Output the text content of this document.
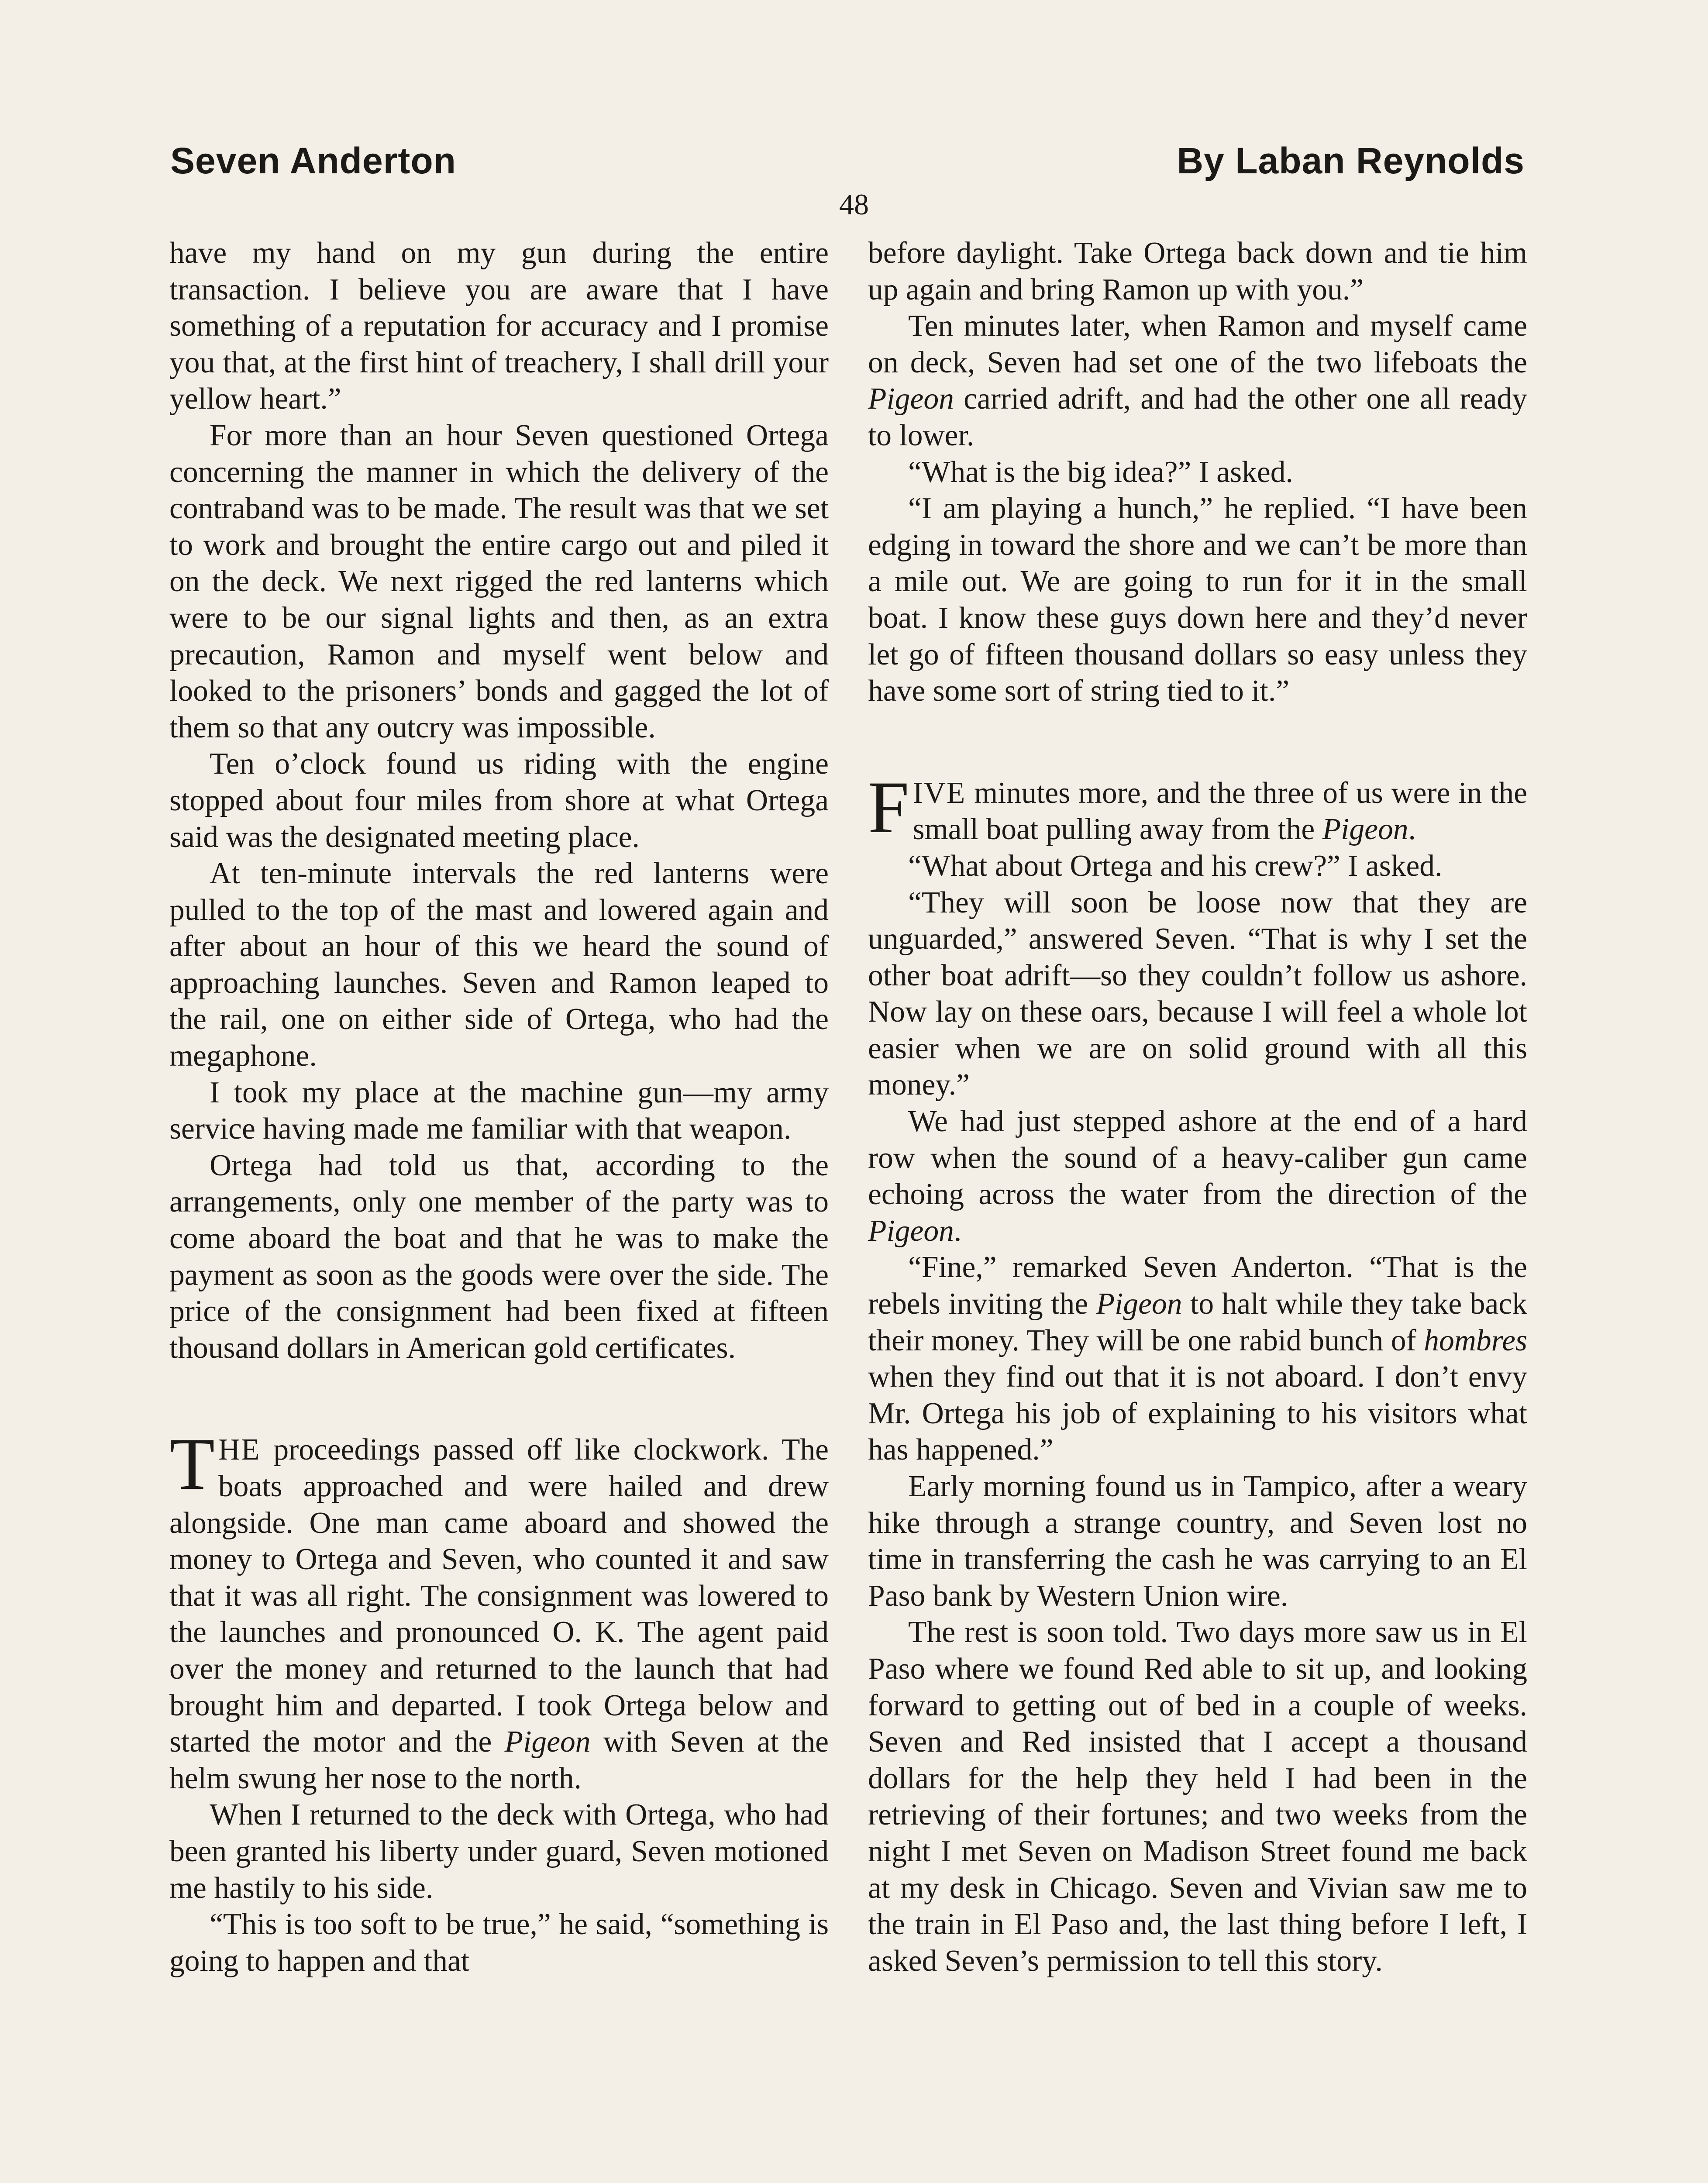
Seven Anderton	By Laban Reynolds
48

have my hand on my gun during the entire transaction. I believe you are aware that I have something of a reputation for accuracy and I promise you that, at the first hint of treachery, I shall drill your yellow heart.”

For more than an hour Seven questioned Ortega concerning the manner in which the delivery of the contraband was to be made. The result was that we set to work and brought the entire cargo out and piled it on the deck. We next rigged the red lanterns which were to be our signal lights and then, as an extra precaution, Ramon and myself went below and looked to the prisoners’ bonds and gagged the lot of them so that any outcry was impossible.

Ten o’clock found us riding with the engine stopped about four miles from shore at what Ortega said was the designated meeting place.

At ten-minute intervals the red lanterns were pulled to the top of the mast and lowered again and after about an hour of this we heard the sound of approaching launches. Seven and Ramon leaped to the rail, one on either side of Ortega, who had the megaphone.

I took my place at the machine gun—my army service having made me familiar with that weapon.

Ortega had told us that, according to the arrangements, only one member of the party was to come aboard the boat and that he was to make the payment as soon as the goods were over the side. The price of the consignment had been fixed at fifteen thousand dollars in American gold certificates.

THE proceedings passed off like clockwork. The boats approached and were hailed and drew alongside. One man came aboard and showed the money to Ortega and Seven, who counted it and saw that it was all right. The consignment was lowered to the launches and pronounced O. K. The agent paid over the money and returned to the launch that had brought him and departed. I took Ortega below and started the motor and the Pigeon with Seven at the helm swung her nose to the north.

When I returned to the deck with Ortega, who had been granted his liberty under guard, Seven motioned me hastily to his side.

“This is too soft to be true,” he said, “something is going to happen and that

before daylight. Take Ortega back down and tie him up again and bring Ramon up with you.”

Ten minutes later, when Ramon and myself came on deck, Seven had set one of the two lifeboats the Pigeon carried adrift, and had the other one all ready to lower.

“What is the big idea?” I asked.

“I am playing a hunch,” he replied. “I have been edging in toward the shore and we can’t be more than a mile out. We are going to run for it in the small boat. I know these guys down here and they’d never let go of fifteen thousand dollars so easy unless they have some sort of string tied to it.”

FIVE minutes more, and the three of us were in the small boat pulling away from the Pigeon.

“What about Ortega and his crew?” I asked.

“They will soon be loose now that they are unguarded,” answered Seven. “That is why I set the other boat adrift—so they couldn’t follow us ashore. Now lay on these oars, because I will feel a whole lot easier when we are on solid ground with all this money.”

We had just stepped ashore at the end of a hard row when the sound of a heavy-caliber gun came echoing across the water from the direction of the Pigeon.

“Fine,” remarked Seven Anderton. “That is the rebels inviting the Pigeon to halt while they take back their money. They will be one rabid bunch of hombres when they find out that it is not aboard. I don’t envy Mr. Ortega his job of explaining to his visitors what has happened.”

Early morning found us in Tampico, after a weary hike through a strange country, and Seven lost no time in transferring the cash he was carrying to an El Paso bank by Western Union wire.

The rest is soon told. Two days more saw us in El Paso where we found Red able to sit up, and looking forward to getting out of bed in a couple of weeks. Seven and Red insisted that I accept a thousand dollars for the help they held I had been in the retrieving of their fortunes; and two weeks from the night I met Seven on Madison Street found me back at my desk in Chicago. Seven and Vivian saw me to the train in El Paso and, the last thing before I left, I asked Seven’s permission to tell this story.
